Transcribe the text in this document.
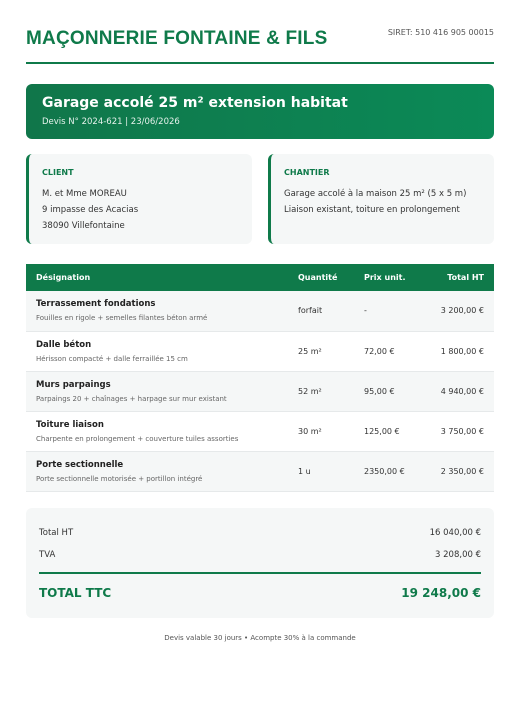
MAÇONNERIE FONTAINE & FILS	SIRET: 510 416 905 00015
Garage accolé 25 m² extension habitat
Devis N° 2024-621 | 23/06/2026
CLIENT
M. et Mme MOREAU
9 impasse des Acacias
38090 Villefontaine
CHANTIER
Garage accolé à la maison 25 m² (5 x 5 m)
Liaison existant, toiture en prolongement
Désignation	Quantité	Prix unit.	Total HT

Terrassement fondations
Fouilles en rigole + semelles filantes béton armé	forfait	-	3 200,00 €

Dalle béton
Hérisson compacté + dalle ferraillée 15 cm	25 m²	72,00 €	1 800,00 €

Murs parpaings
Parpaings 20 + chaînages + harpage sur mur existant	52 m²	95,00 €	4 940,00 €

Toiture liaison
Charpente en prolongement + couverture tuiles assorties	30 m²	125,00 €	3 750,00 €

Porte sectionnelle
Porte sectionnelle motorisée + portillon intégré	1 u	2350,00 €	2 350,00 €
Total HT	16 040,00 €
TVA	3 208,00 €
TOTAL TTC	19 248,00 €
Devis valable 30 jours • Acompte 30% à la commande
